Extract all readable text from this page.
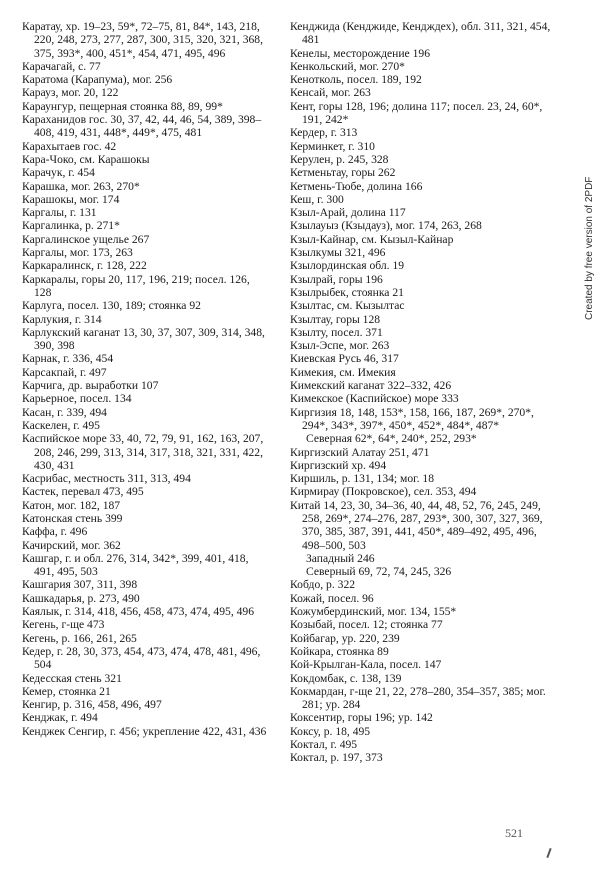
Каратау, хр. 19–23, 59*, 72–75, 81, 84*, 143, 218, 220, 248, 273, 277, 287, 300, 315, 320, 321, 368, 375, 393*, 400, 451*, 454, 471, 495, 496

Карачагай, с. 77

Каратома (Карапума), мог. 256

Карауз, мог. 20, 122

Караунгур, пещерная стоянка 88, 89, 99*

Караханидов гос. 30, 37, 42, 44, 46, 54, 389, 398–408, 419, 431, 448*, 449*, 475, 481

Карахытаев гос. 42

Кара-Чоко, см. Карашокы

Карачук, г. 454

Карашка, мог. 263, 270*

Карашокы, мог. 174

Каргалы, г. 131

Каргалинка, р. 271*

Каргалинское ущелье 267

Каргалы, мог. 173, 263

Каркаралинск, г. 128, 222

Каркаралы, горы 20, 117, 196, 219; посел. 126, 128

Карлуга, посел. 130, 189; стоянка 92

Карлукия, г. 314

Карлукский каганат 13, 30, 37, 307, 309, 314, 348, 390, 398

Карнак, г. 336, 454

Карсакпай, г. 497

Карчига, др. выработки 107

Карьерное, посел. 134

Касан, г. 339, 494

Каскелен, г. 495

Каспийское море 33, 40, 72, 79, 91, 162, 163, 207, 208, 246, 299, 313, 314, 317, 318, 321, 331, 422, 430, 431

Касрибас, местность 311, 313, 494

Кастек, перевал 473, 495

Катон, мог. 182, 187

Катонская стень 399

Каффа, г. 496

Качирский, мог. 362

Кашгар, г. и обл. 276, 314, 342*, 399, 401, 418, 491, 495, 503

Кашгария 307, 311, 398

Кашкадарья, р. 273, 490

Каялык, г. 314, 418, 456, 458, 473, 474, 495, 496

Кегень, г-ще 473

Кегень, р. 166, 261, 265

Кедер, г. 28, 30, 373, 454, 473, 474, 478, 481, 496, 504

Кедесская стень 321

Кемер, стоянка 21

Кенгир, р. 316, 458, 496, 497

Кенджак, г. 494

Кенджек Сенгир, г. 456; укрепление 422, 431, 436

Кенджида (Кенджиде, Кендждех), обл. 311, 321, 454, 481

Кенелы, месторождение 196

Кенкольский, мог. 270*

Кенотколь, посел. 189, 192

Кенсай, мог. 263

Кент, горы 128, 196; долина 117; посел. 23, 24, 60*, 191, 242*

Кердер, г. 313

Керминкет, г. 310

Керулен, р. 245, 328

Кетменьтау, горы 262

Кетмень-Тюбе, долина 166

Кеш, г. 300

Кзыл-Арай, долина 117

Кзылауыз (Кзыдауз), мог. 174, 263, 268

Кзыл-Кайнар, см. Кызыл-Кайнар

Кзылкумы 321, 496

Кзылординская обл. 19

Кзылрай, горы 196

Кзылрыбек, стоянка 21

Кзылтас, см. Кызылтас

Кзылтау, горы 128

Кзылту, посел. 371

Кзыл-Эспе, мог. 263

Киевская Русь 46, 317

Кимекия, см. Имекия

Кимекский каганат 322–332, 426

Кимекское (Каспийское) море 333

Киргизия 18, 148, 153*, 158, 166, 187, 269*, 270*, 294*, 343*, 397*, 450*, 452*, 484*, 487*

Северная 62*, 64*, 240*, 252, 293*

Киргизский Алатау 251, 471

Киргизский хр. 494

Киршиль, р. 131, 134; мог. 18

Кирмирау (Покровское), сел. 353, 494

Китай 14, 23, 30, 34–36, 40, 44, 48, 52, 76, 245, 249, 258, 269*, 274–276, 287, 293*, 300, 307, 327, 369, 370, 385, 387, 391, 441, 450*, 489–492, 495, 496, 498–500, 503

Западный 246

Северный 69, 72, 74, 245, 326

Кобдо, р. 322

Кожай, посел. 96

Кожумбердинский, мог. 134, 155*

Козыбай, посел. 12; стоянка 77

Койбагар, ур. 220, 239

Койкара, стоянка 89

Кой-Крылган-Кала, посел. 147

Кокдомбак, с. 138, 139

Кокмардан, г-ще 21, 22, 278–280, 354–357, 385; мог. 281; ур. 284

Коксентир, горы 196; ур. 142

Коксу, р. 18, 495

Коктал, г. 495

Коктал, р. 197, 373

Created by free version of 2PDF
521
